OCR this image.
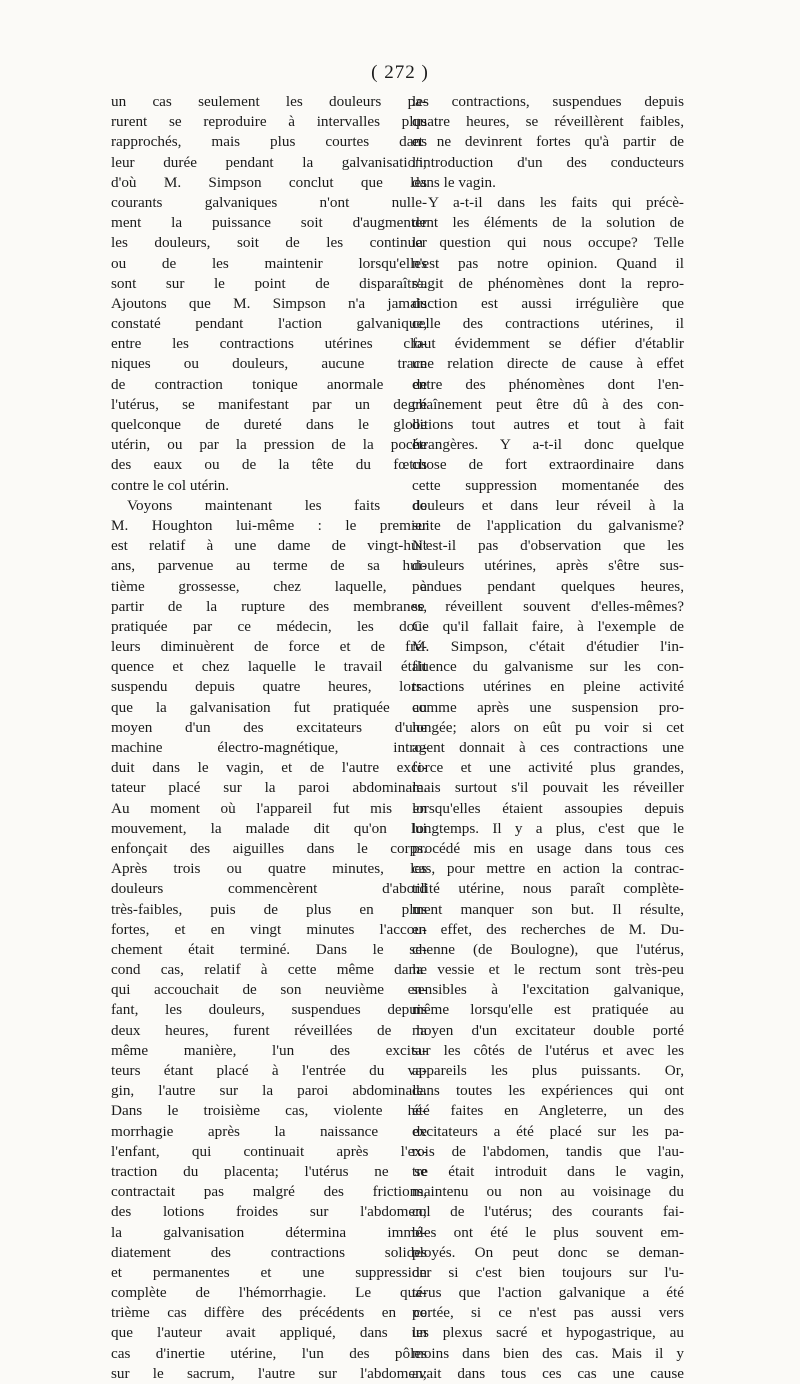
( 272 )
un cas seulement les douleurs pa-
rurent se reproduire à intervalles plus
rapprochés, mais plus courtes dans
leur durée pendant la galvanisation;
d'où M. Simpson conclut que les
courants galvaniques n'ont nulle-
ment la puissance soit d'augmenter
les douleurs, soit de les continuer
ou de les maintenir lorsqu'elles
sont sur le point de disparaître.
Ajoutons que M. Simpson n'a jamais
constaté pendant l'action galvanique,
entre les contractions utérines clo-
niques ou douleurs, aucune trace
de contraction tonique anormale de
l'utérus, se manifestant par un degré
quelconque de dureté dans le globe
utérin, ou par la pression de la poche
des eaux ou de la tête du fœtus
contre le col utérin.
Voyons maintenant les faits de
M. Houghton lui-même : le premier
est relatif à une dame de vingt-huit
ans, parvenue au terme de sa hui-
tième grossesse, chez laquelle, à
partir de la rupture des membranes,
pratiquée par ce médecin, les dou-
leurs diminuèrent de force et de fré-
quence et chez laquelle le travail était
suspendu depuis quatre heures, lors-
que la galvanisation fut pratiquée au
moyen d'un des excitateurs d'une
machine électro-magnétique, intro-
duit dans le vagin, et de l'autre exci-
tateur placé sur la paroi abdominale.
Au moment où l'appareil fut mis en
mouvement, la malade dit qu'on lui
enfonçait des aiguilles dans le corps.
Après trois ou quatre minutes, les
douleurs commencèrent d'abord
très-faibles, puis de plus en plus
fortes, et en vingt minutes l'accou-
chement était terminé. Dans le se-
cond cas, relatif à cette même dame
qui accouchait de son neuvième en-
fant, les douleurs, suspendues depuis
deux heures, furent réveillées de la
même manière, l'un des excita-
teurs étant placé à l'entrée du va-
gin, l'autre sur la paroi abdominale.
Dans le troisième cas, violente hé-
morrhagie après la naissance de
l'enfant, qui continuait après l'ex-
traction du placenta; l'utérus ne se
contractait pas malgré des frictions,
des lotions froides sur l'abdomen;
la galvanisation détermina immé-
diatement des contractions solides
et permanentes et une suppression
complète de l'hémorrhagie. Le qua-
trième cas diffère des précédents en ce
que l'auteur avait appliqué, dans un
cas d'inertie utérine, l'un des pôles
sur le sacrum, l'autre sur l'abdomen;
les contractions, suspendues depuis
quatre heures, se réveillèrent faibles,
et ne devinrent fortes qu'à partir de
l'introduction d'un des conducteurs
dans le vagin.
Y a-t-il dans les faits qui précè-
dent les éléments de la solution de
la question qui nous occupe? Telle
n'est pas notre opinion. Quand il
s'agit de phénomènes dont la repro-
duction est aussi irrégulière que
celle des contractions utérines, il
faut évidemment se défier d'établir
une relation directe de cause à effet
entre des phénomènes dont l'en-
chaînement peut être dû à des con-
ditions tout autres et tout à fait
étrangères. Y a-t-il donc quelque
chose de fort extraordinaire dans
cette suppression momentanée des
douleurs et dans leur réveil à la
suite de l'application du galvanisme?
N'est-il pas d'observation que les
douleurs utérines, après s'être sus-
pendues pendant quelques heures,
se réveillent souvent d'elles-mêmes?
Ce qu'il fallait faire, à l'exemple de
M. Simpson, c'était d'étudier l'in-
fluence du galvanisme sur les con-
tractions utérines en pleine activité
comme après une suspension pro-
longée; alors on eût pu voir si cet
agent donnait à ces contractions une
force et une activité plus grandes,
mais surtout s'il pouvait les réveiller
lorsqu'elles étaient assoupies depuis
longtemps. Il y a plus, c'est que le
procédé mis en usage dans tous ces
cas, pour mettre en action la contrac-
tilité utérine, nous paraît complète-
ment manquer son but. Il résulte,
en effet, des recherches de M. Du-
chenne (de Boulogne), que l'utérus,
la vessie et le rectum sont très-peu
sensibles à l'excitation galvanique,
même lorsqu'elle est pratiquée au
moyen d'un excitateur double porté
sur les côtés de l'utérus et avec les
appareils les plus puissants. Or,
dans toutes les expériences qui ont
été faites en Angleterre, un des
excitateurs a été placé sur les pa-
rois de l'abdomen, tandis que l'au-
tre était introduit dans le vagin,
maintenu ou non au voisinage du
col de l'utérus; des courants fai-
bles ont été le plus souvent em-
ployés. On peut donc se deman-
der si c'est bien toujours sur l'u-
térus que l'action galvanique a été
portée, si ce n'est pas aussi vers
les plexus sacré et hypogastrique, au
moins dans bien des cas. Mais il y
avait dans tous ces cas une cause
